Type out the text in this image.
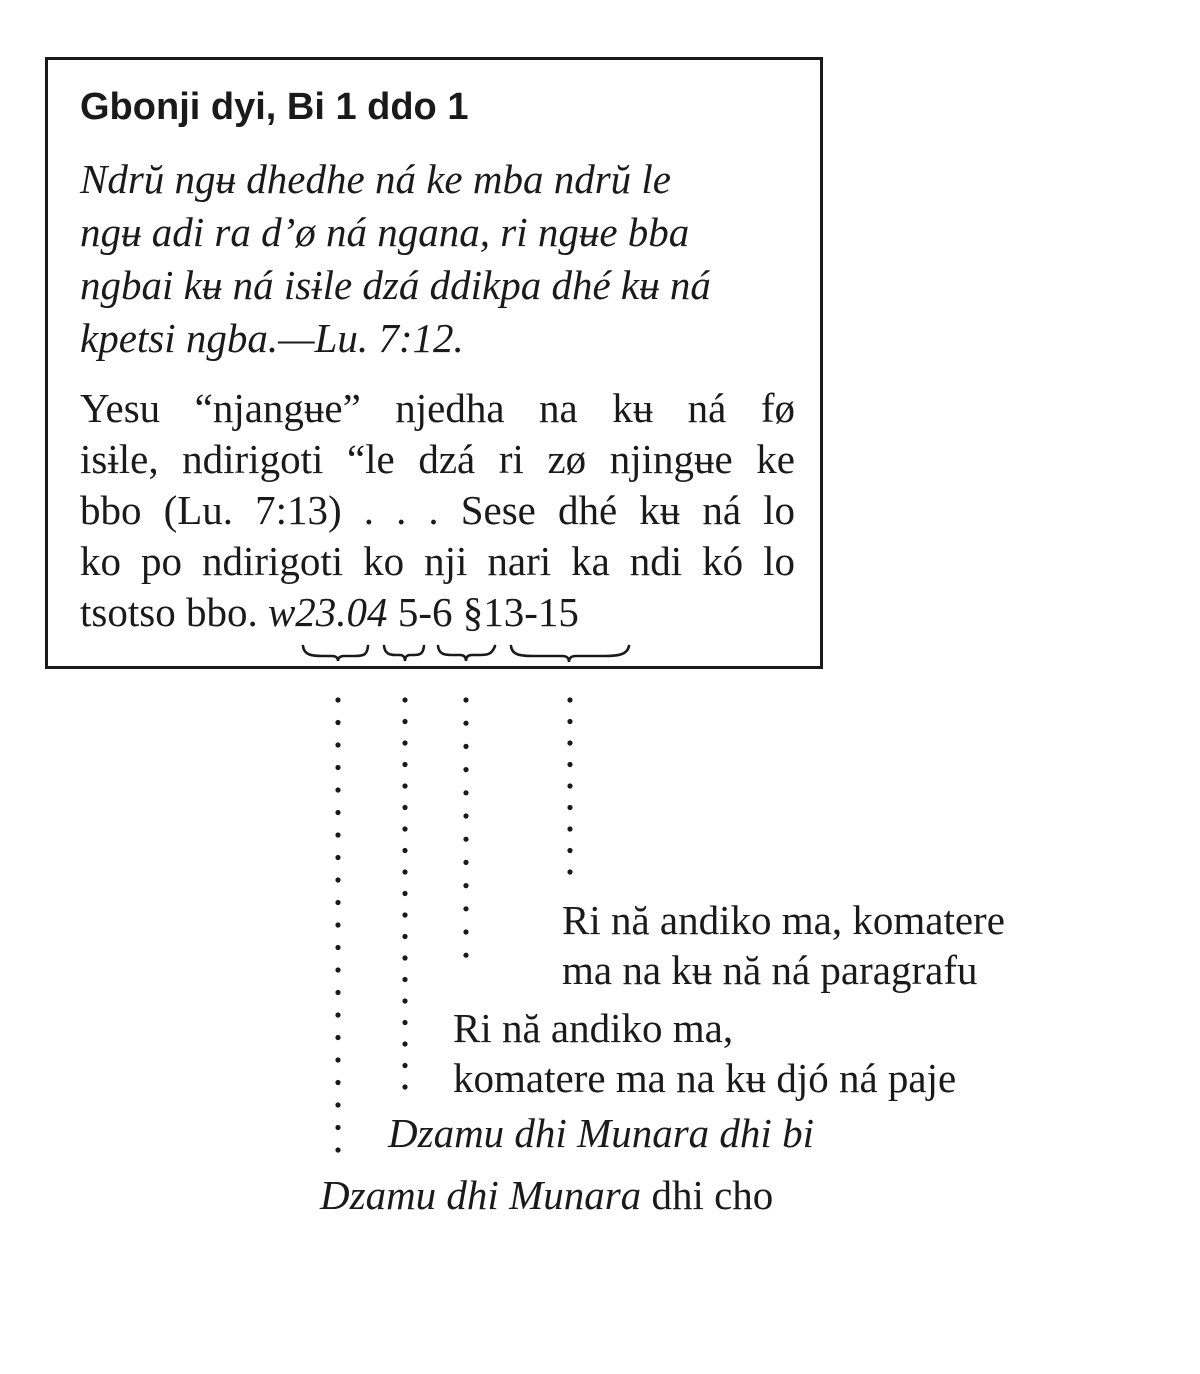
Gbonji dyi, Bi 1 ddo 1
Ndrŭ ngʉ dhedhe ná ke mba ndrŭ le
ngʉ adi ra d’ø ná ngana, ri ngʉe bba
ngbai kʉ ná isɨle dzá ddikpa dhé kʉ ná
kpetsi ngba.—Lu. 7:12.
Yesu “njangʉe” njedha na kʉ ná fø
isɨle, ndirigoti “le dzá ri zø njingʉe ke
bbo (Lu. 7:13) . . . Sese dhé kʉ ná lo
ko po ndirigoti ko nji nari ka ndi kó lo
tsotso bbo. w23.04 5-6 §13-15
Ri nă andiko ma, komatere
ma na kʉ nă ná paragrafu
Ri nă andiko ma,
komatere ma na kʉ djó ná paje
Dzamu dhi Munara dhi bi
Dzamu dhi Munara dhi cho
